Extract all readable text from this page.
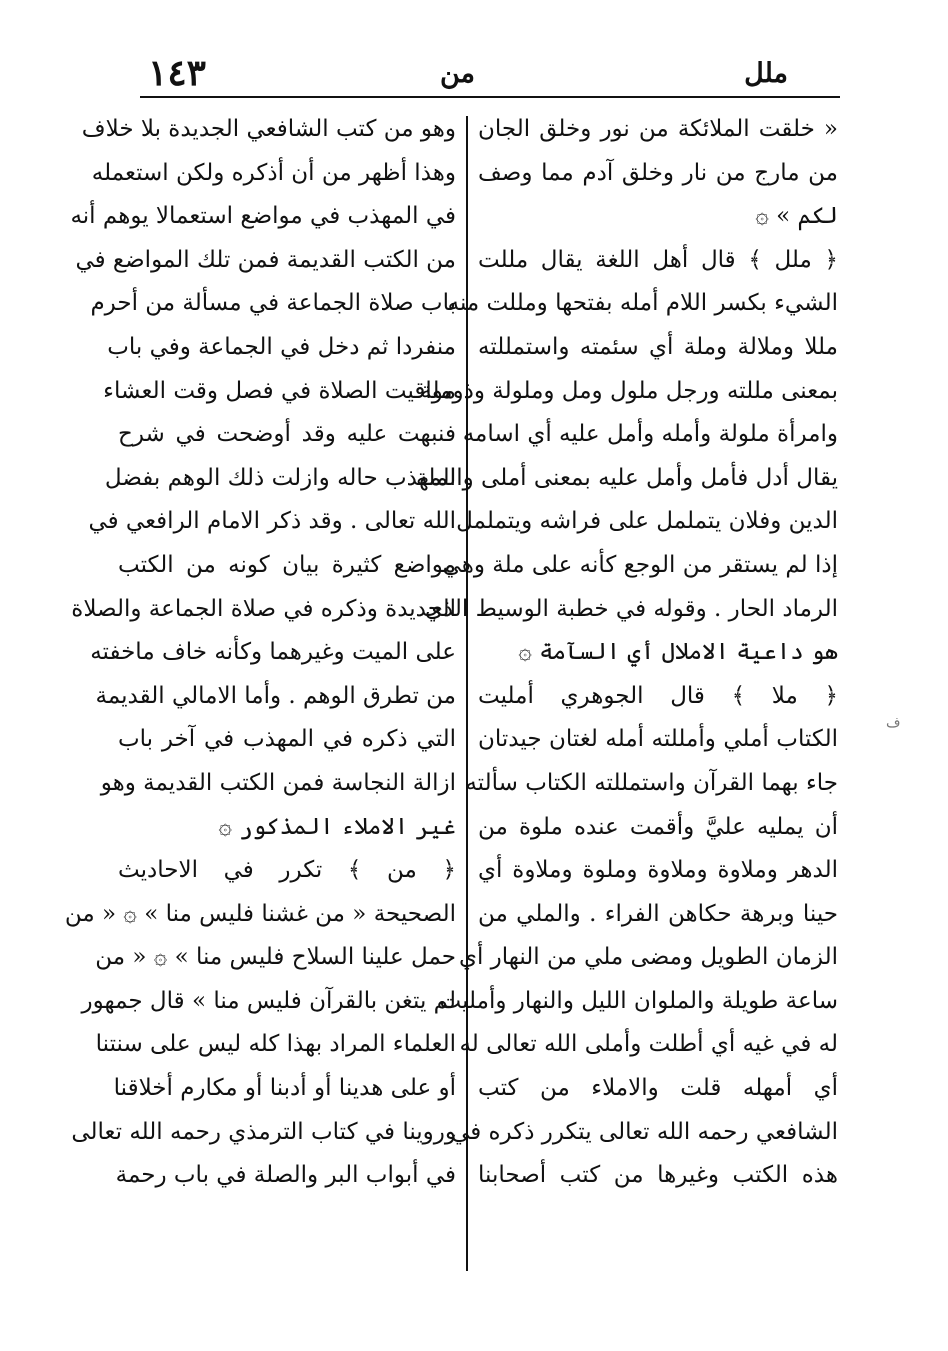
ملل
من
١٤٣
« خلقت الملائكة من نور وخلق الجان
من مارج من نار وخلق آدم مما وصف
لكم » ۞
﴿ ملل ﴾ قال أهل اللغة يقال مللت
الشيء بكسر اللام أمله بفتحها ومللت منه
مللا وملالة وملة أي سئمته واستمللته
بمعنى مللته ورجل ملول ومل وملولة وذوملة
وامرأة ملولة وأمله وأمل عليه أي اسامه
يقال أدل فأمل وأمل عليه بمعنى أملى والملة
الدين وفلان يتململ على فراشه ويتململ
إذا لم يستقر من الوجع كأنه على ملة وهي
الرماد الحار . وقوله في خطبة الوسيط الذي
هو داعية الاملال أي السآمة ۞
﴿ ملا ﴾ قال الجوهري أمليت
الكتاب أملي وأمللته أمله لغتان جيدتان
جاء بهما القرآن واستمللته الكتاب سألته
أن يمليه عليَّ وأقمت عنده ملوة من
الدهر وملاوة وملاوة وملوة وملاوة أي
حينا وبرهة حكاهن الفراء . والملي من
الزمان الطويل ومضى ملي من النهار أي
ساعة طويلة والملوان الليل والنهار وأمليت
له في غيه أي أطلت وأملى الله تعالى له
أي أمهله قلت والاملاء من كتب
الشافعي رحمه الله تعالى يتكرر ذكره في
هذه الكتب وغيرها من كتب أصحابنا
وهو من كتب الشافعي الجديدة بلا خلاف
وهذا أظهر من أن أذكره ولكن استعمله
في المهذب في مواضع استعمالا يوهم أنه
من الكتب القديمة فمن تلك المواضع في
باب صلاة الجماعة في مسألة من أحرم
منفردا ثم دخل في الجماعة وفي باب
مواقيت الصلاة في فصل وقت العشاء
فنبهت عليه وقد أوضحت في شرح
المهذب حاله وازلت ذلك الوهم بفضل
الله تعالى . وقد ذكر الامام الرافعي في
مواضع كثيرة بيان كونه من الكتب
الجديدة وذكره في صلاة الجماعة والصلاة
على الميت وغيرهما وكأنه خاف ماخفته
من تطرق الوهم . وأما الامالي القديمة
التي ذكره في المهذب في آخر باب
ازالة النجاسة فمن الكتب القديمة وهو
غير الاملاء المذكور ۞
﴿ من ﴾ تكرر في الاحاديث
الصحيحة « من غشنا فليس منا » ۞ « من
حمل علينا السلاح فليس منا » ۞ « من
لم يتغن بالقرآن فليس منا » قال جمهور
العلماء المراد بهذا كله ليس على سنتنا
أو على هدينا أو أدبنا أو مكارم أخلاقنا
وروينا في كتاب الترمذي رحمه الله تعالى
في أبواب البر والصلة في باب رحمة
ف
